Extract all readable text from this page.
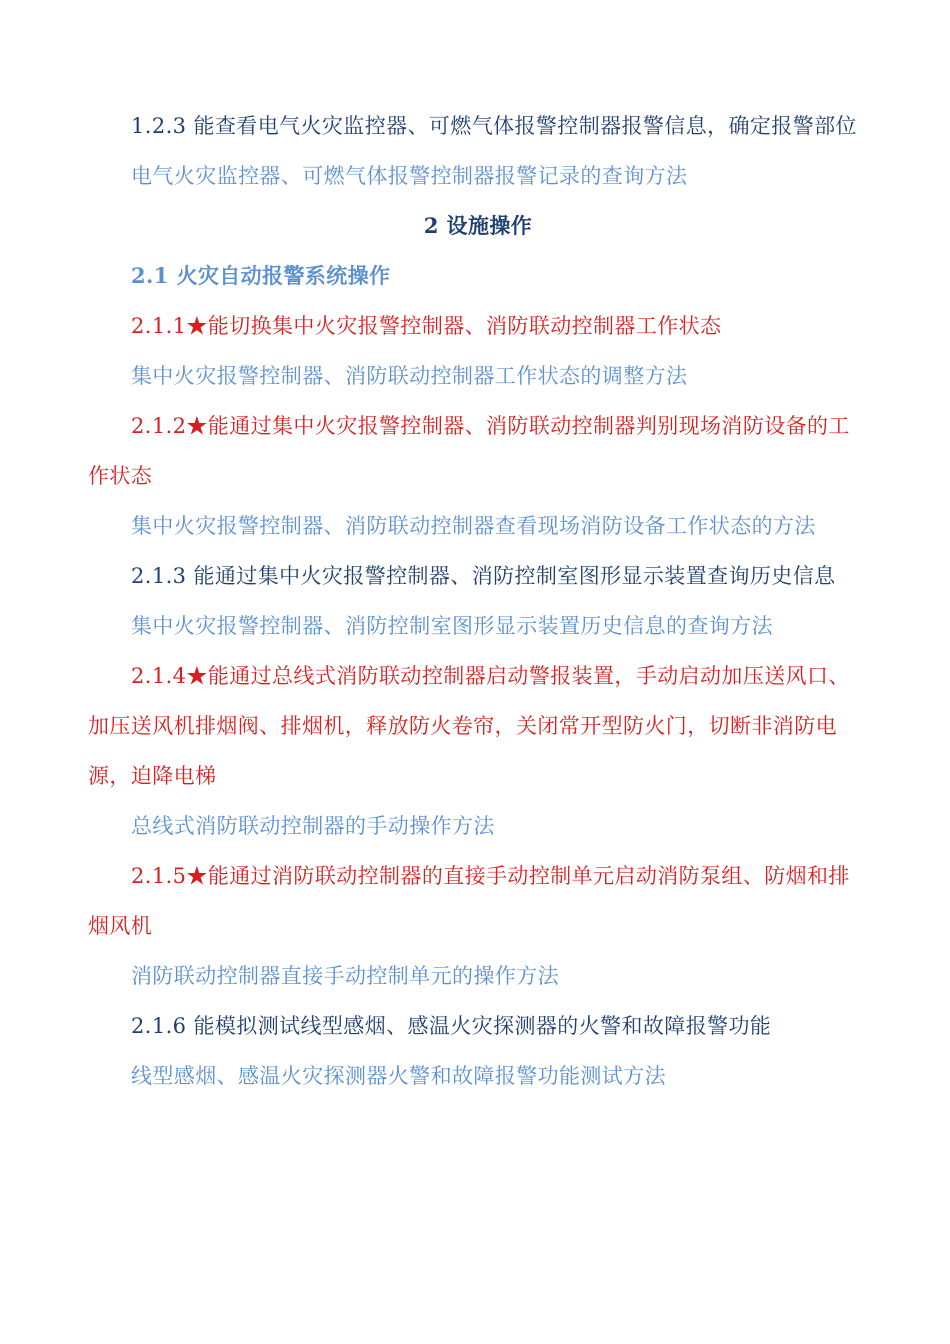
1.2.3 能查看电气火灾监控器、可燃气体报警控制器报警信息，确定报警部位

电气火灾监控器、可燃气体报警控制器报警记录的查询方法

2 设施操作

2.1 火灾自动报警系统操作

2.1.1★能切换集中火灾报警控制器、消防联动控制器工作状态

集中火灾报警控制器、消防联动控制器工作状态的调整方法

2.1.2★能通过集中火灾报警控制器、消防联动控制器判别现场消防设备的工作状态

集中火灾报警控制器、消防联动控制器查看现场消防设备工作状态的方法

2.1.3 能通过集中火灾报警控制器、消防控制室图形显示装置查询历史信息

集中火灾报警控制器、消防控制室图形显示装置历史信息的查询方法

2.1.4★能通过总线式消防联动控制器启动警报装置，手动启动加压送风口、加压送风机排烟阀、排烟机，释放防火卷帘，关闭常开型防火门，切断非消防电源，迫降电梯

总线式消防联动控制器的手动操作方法

2.1.5★能通过消防联动控制器的直接手动控制单元启动消防泵组、防烟和排烟风机

消防联动控制器直接手动控制单元的操作方法

2.1.6 能模拟测试线型感烟、感温火灾探测器的火警和故障报警功能

线型感烟、感温火灾探测器火警和故障报警功能测试方法
